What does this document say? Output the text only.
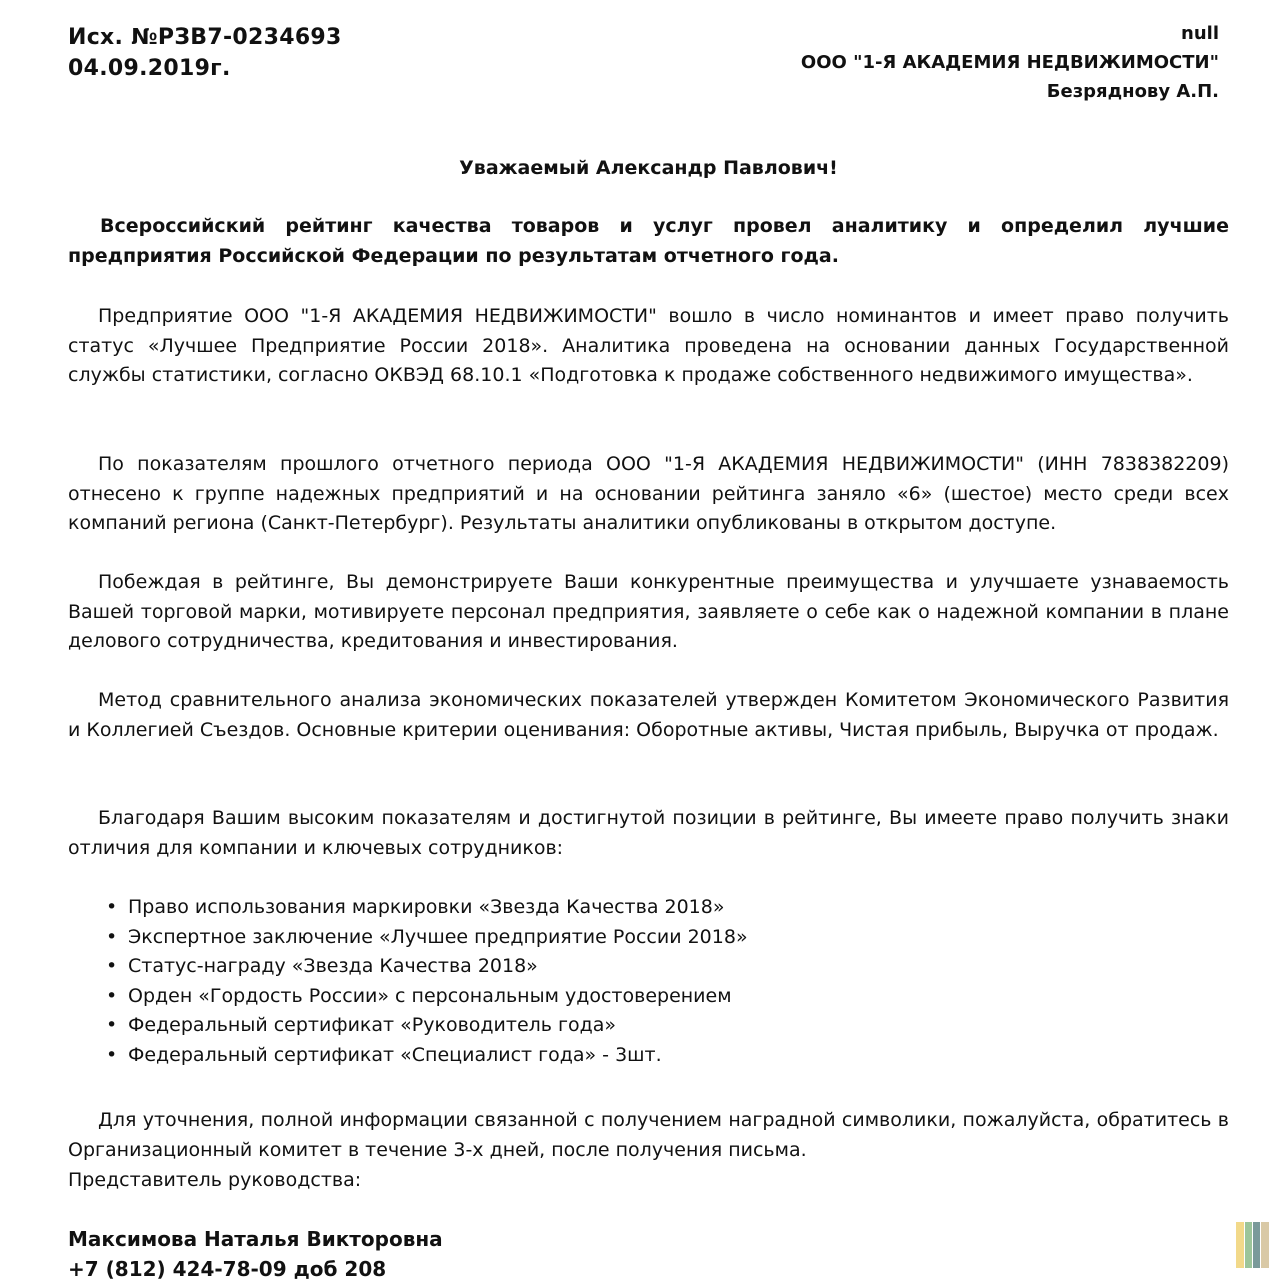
Исх. №РЗВ7-0234693
04.09.2019г.
null
ООО "1-Я АКАДЕМИЯ НЕДВИЖИМОСТИ"
Безряднову А.П.
Уважаемый Александр Павлович!

Всероссийский рейтинг качества товаров и услуг провел аналитику и определил лучшие предприятия Российской Федерации по результатам отчетного года.

Предприятие ООО "1-Я АКАДЕМИЯ НЕДВИЖИМОСТИ" вошло в число номинантов и имеет право получить статус «Лучшее Предприятие России 2018». Аналитика проведена на основании данных Государственной службы статистики, согласно ОКВЭД 68.10.1 «Подготовка к продаже собственного недвижимого имущества».

По показателям прошлого отчетного периода ООО "1-Я АКАДЕМИЯ НЕДВИЖИМОСТИ" (ИНН 7838382209) отнесено к группе надежных предприятий и на основании рейтинга заняло «6» (шестое) место среди всех компаний региона (Санкт-Петербург). Результаты аналитики опубликованы в открытом доступе.

Побеждая в рейтинге, Вы демонстрируете Ваши конкурентные преимущества и улучшаете узнаваемость Вашей торговой марки, мотивируете персонал предприятия, заявляете о себе как о надежной компании в плане делового сотрудничества, кредитования и инвестирования.

Метод сравнительного анализа экономических показателей утвержден Комитетом Экономического Развития и Коллегией Съездов. Основные критерии оценивания: Оборотные активы, Чистая прибыль, Выручка от продаж.

Благодаря Вашим высоким показателям и достигнутой позиции в рейтинге, Вы имеете право получить знаки отличия для компании и ключевых сотрудников:

• Право использования маркировки «Звезда Качества 2018»
• Экспертное заключение «Лучшее предприятие России 2018»
• Статус-награду «Звезда Качества 2018»
• Орден «Гордость России» с персональным удостоверением
• Федеральный сертификат «Руководитель года»
• Федеральный сертификат «Специалист года» - 3шт.

Для уточнения, полной информации связанной с получением наградной символики, пожалуйста, обратитесь в Организационный комитет в течение 3-х дней, после получения письма.

Представитель руководства:

Максимова Наталья Викторовна
+7 (812) 424-78-09 доб 208
